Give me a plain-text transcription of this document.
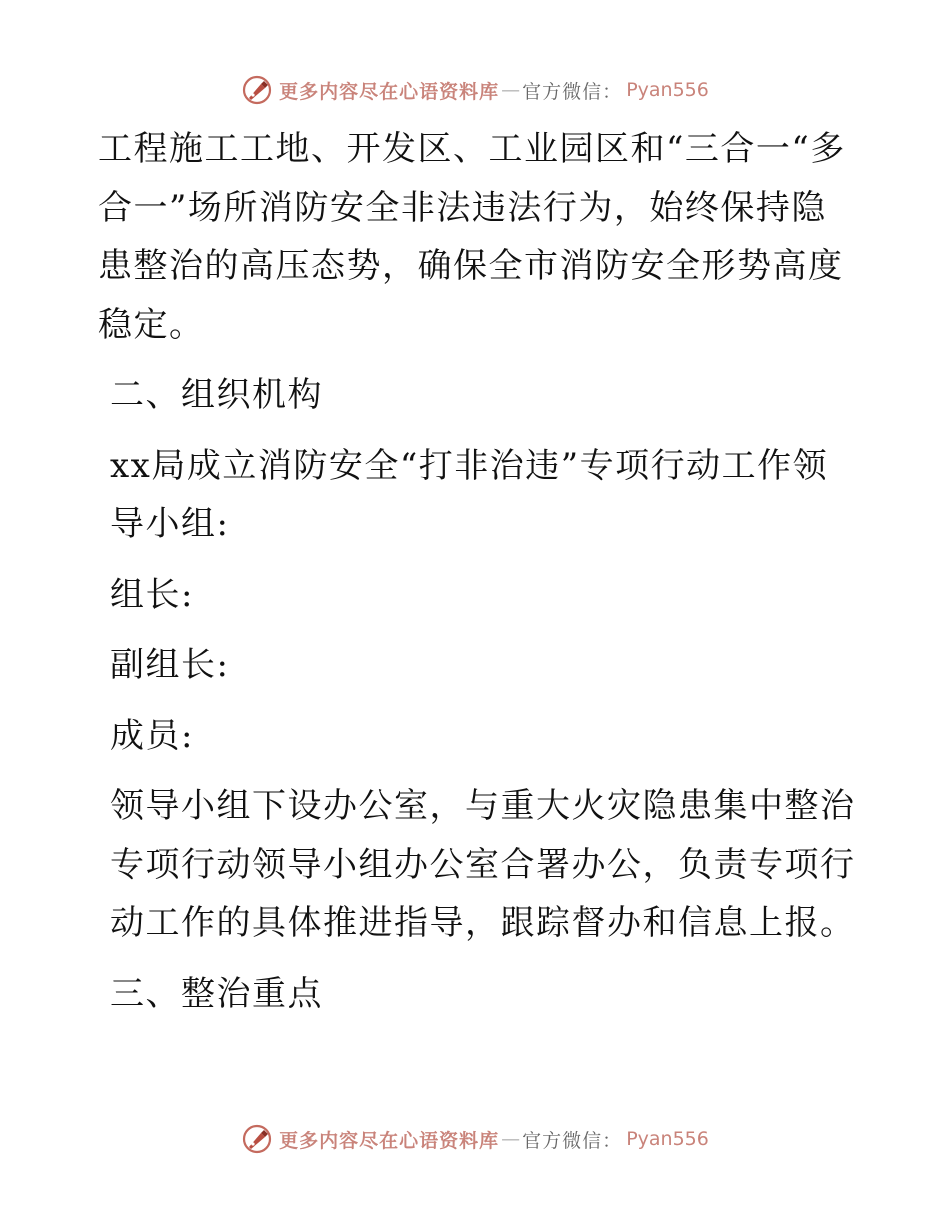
更多内容尽在心语资料库 — 官方微信： Pyan556

工程施工工地、开发区、工业园区和“三合一“多合一”场所消防安全非法违法行为，始终保持隐患整治的高压态势，确保全市消防安全形势高度稳定。

二、组织机构

xx局成立消防安全“打非治违”专项行动工作领导小组:

组长:

副组长:

成员:

领导小组下设办公室，与重大火灾隐患集中整治专项行动领导小组办公室合署办公，负责专项行动工作的具体推进指导，跟踪督办和信息上报。

三、整治重点

更多内容尽在心语资料库 — 官方微信： Pyan556
